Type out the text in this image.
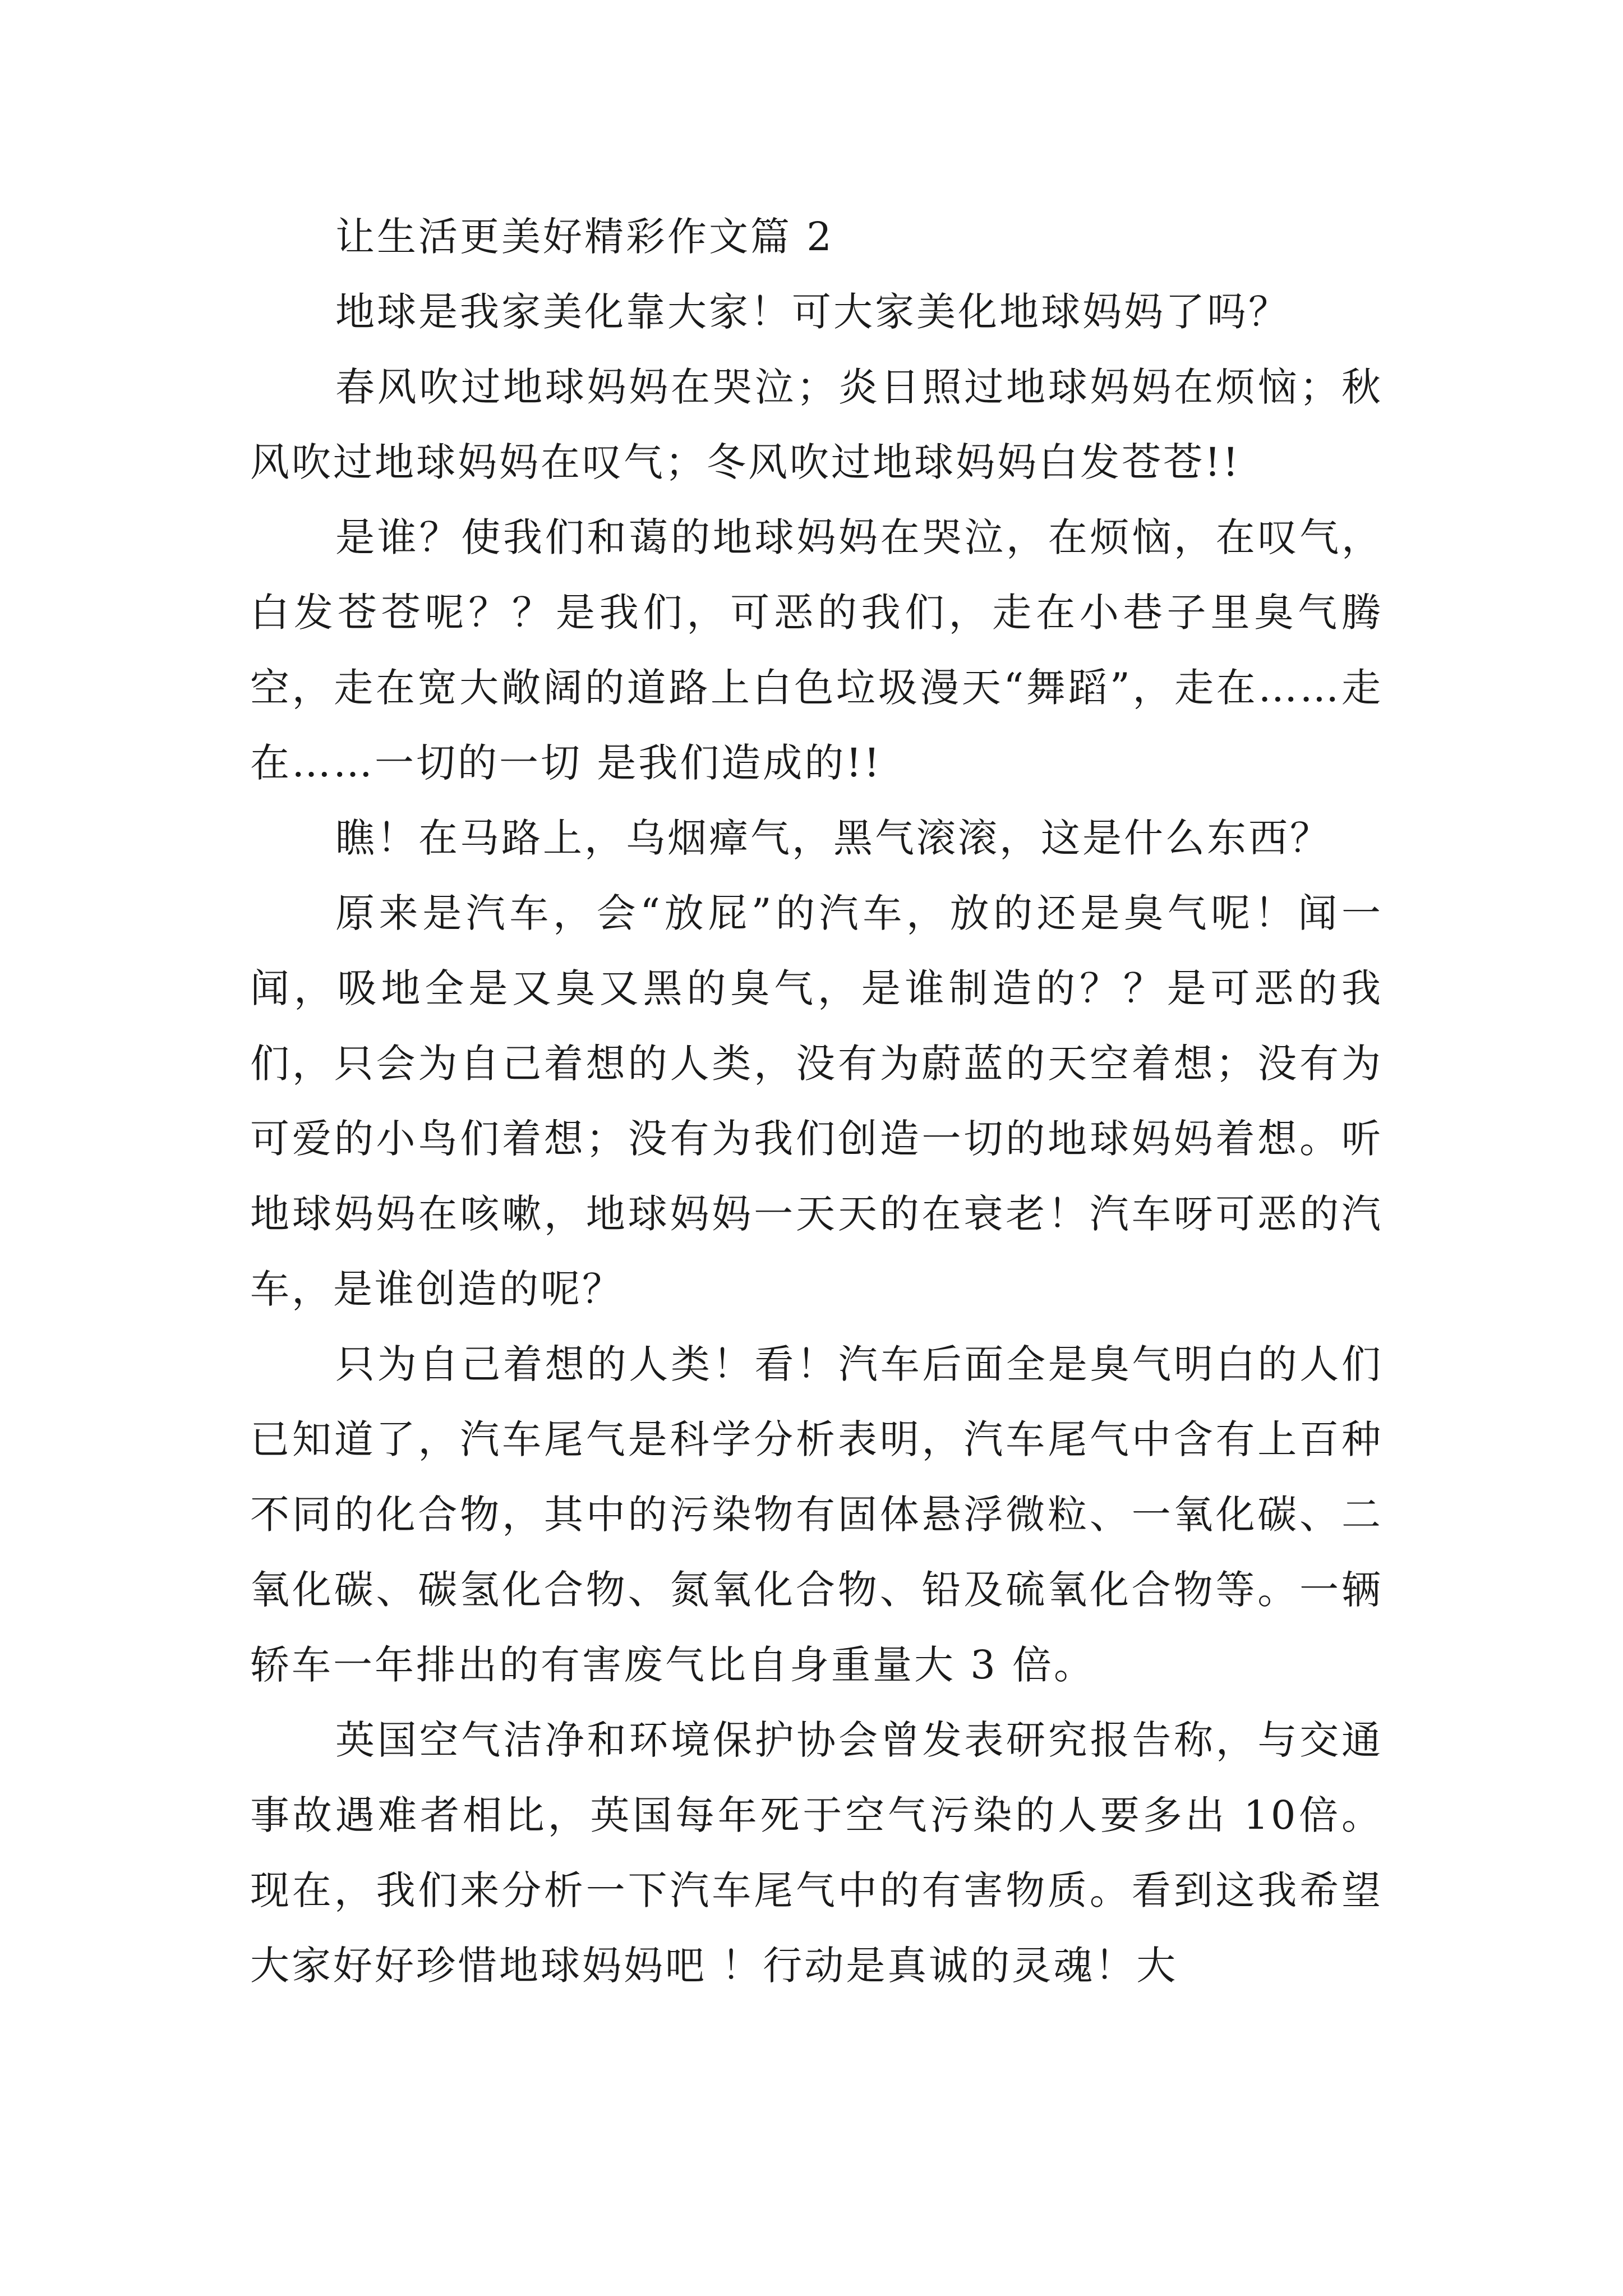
让生活更美好精彩作文篇 2

地球是我家美化靠大家！可大家美化地球妈妈了吗？

春风吹过地球妈妈在哭泣；炎日照过地球妈妈在烦恼；秋风吹过地球妈妈在叹气；冬风吹过地球妈妈白发苍苍!!

是谁？使我们和蔼的地球妈妈在哭泣，在烦恼，在叹气，白发苍苍呢？？是我们，可恶的我们，走在小巷子里臭气腾空，走在宽大敞阔的道路上白色垃圾漫天“舞蹈”，走在……走在……一切的一切 是我们造成的!!

瞧！在马路上，乌烟瘴气，黑气滚滚，这是什么东西？

原来是汽车，会“放屁”的汽车，放的还是臭气呢！闻一闻，吸地全是又臭又黑的臭气，是谁制造的？？是可恶的我们，只会为自己着想的人类，没有为蔚蓝的天空着想；没有为可爱的小鸟们着想；没有为我们创造一切的地球妈妈着想。听地球妈妈在咳嗽，地球妈妈一天天的在衰老！汽车呀可恶的汽车，是谁创造的呢？

只为自己着想的人类！看！汽车后面全是臭气明白的人们已知道了，汽车尾气是科学分析表明，汽车尾气中含有上百种不同的化合物，其中的污染物有固体悬浮微粒、一氧化碳、二氧化碳、碳氢化合物、氮氧化合物、铅及硫氧化合物等。一辆轿车一年排出的有害废气比自身重量大 3 倍。

英国空气洁净和环境保护协会曾发表研究报告称，与交通事故遇难者相比，英国每年死于空气污染的人要多出 10倍。现在，我们来分析一下汽车尾气中的有害物质。看到这我希望大家好好珍惜地球妈妈吧 ！行动是真诚的灵魂！大
